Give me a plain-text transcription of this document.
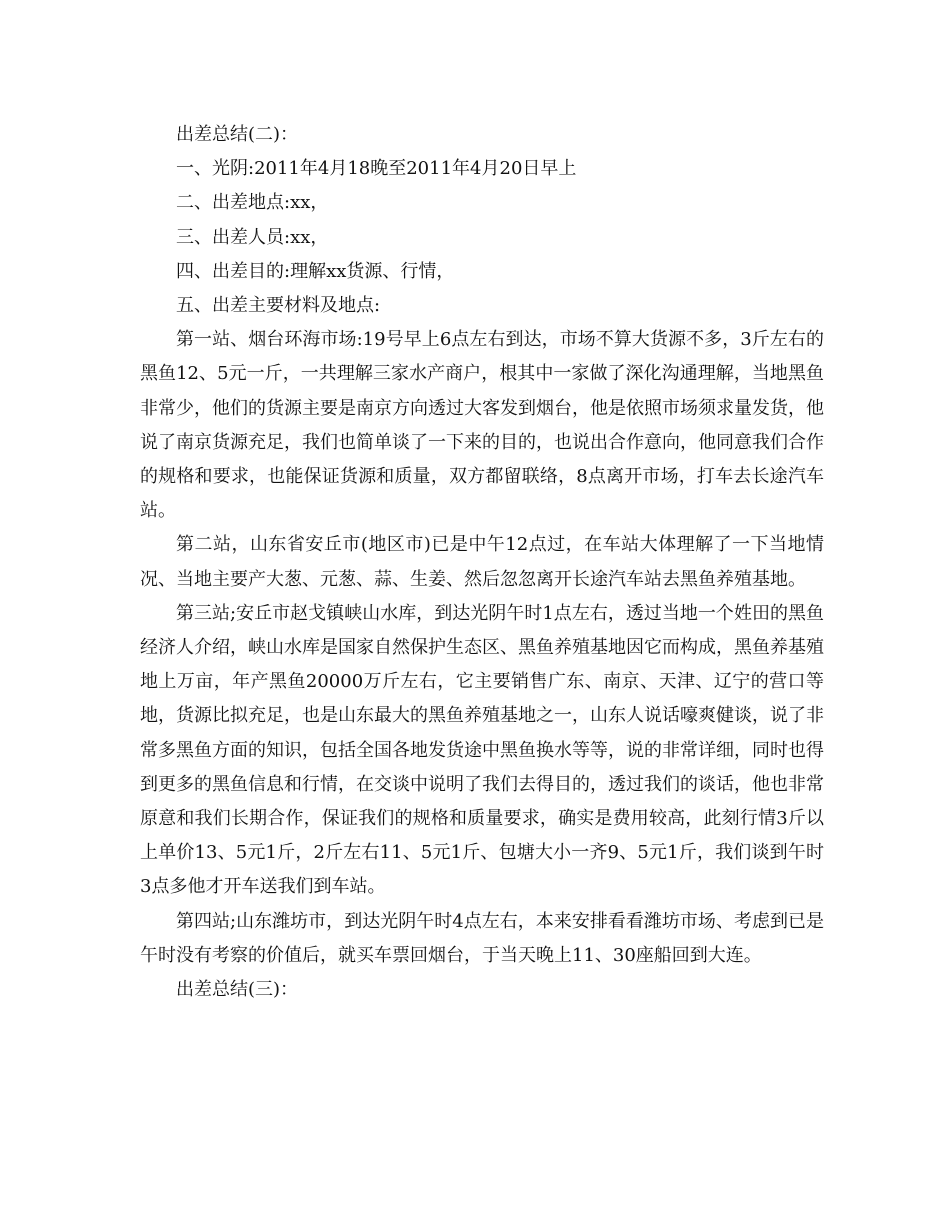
出差总结(二)：

一、光阴:2011年4月18晚至2011年4月20日早上

二、出差地点:xx，

三、出差人员:xx，

四、出差目的:理解xx货源、行情，

五、出差主要材料及地点:

第一站、烟台环海市场:19号早上6点左右到达，市场不算大货源不多，3斤左右的黑鱼12、5元一斤，一共理解三家水产商户，根其中一家做了深化沟通理解，当地黑鱼非常少，他们的货源主要是南京方向透过大客发到烟台，他是依照市场须求量发货，他说了南京货源充足，我们也简单谈了一下来的目的，也说出合作意向，他同意我们合作的规格和要求，也能保证货源和质量，双方都留联络，8点离开市场，打车去长途汽车站。

第二站，山东省安丘市(地区市)已是中午12点过，在车站大体理解了一下当地情况、当地主要产大葱、元葱、蒜、生姜、然后忽忽离开长途汽车站去黑鱼养殖基地。

第三站;安丘市赵戈镇峡山水库，到达光阴午时1点左右，透过当地一个姓田的黑鱼经济人介绍，峡山水库是国家自然保护生态区、黑鱼养殖基地因它而构成，黑鱼养基殖地上万亩，年产黑鱼20000万斤左右，它主要销售广东、南京、天津、辽宁的营口等地，货源比拟充足，也是山东最大的黑鱼养殖基地之一，山东人说话嚎爽健谈，说了非常多黑鱼方面的知识，包括全国各地发货途中黑鱼换水等等，说的非常详细，同时也得到更多的黑鱼信息和行情，在交谈中说明了我们去得目的，透过我们的谈话，他也非常原意和我们长期合作，保证我们的规格和质量要求，确实是费用较高，此刻行情3斤以上单价13、5元1斤，2斤左右11、5元1斤、包塘大小一齐9、5元1斤，我们谈到午时3点多他才开车送我们到车站。

第四站;山东潍坊市，到达光阴午时4点左右，本来安排看看潍坊市场、考虑到已是午时没有考察的价值后，就买车票回烟台，于当天晚上11、30座船回到大连。

出差总结(三)：
